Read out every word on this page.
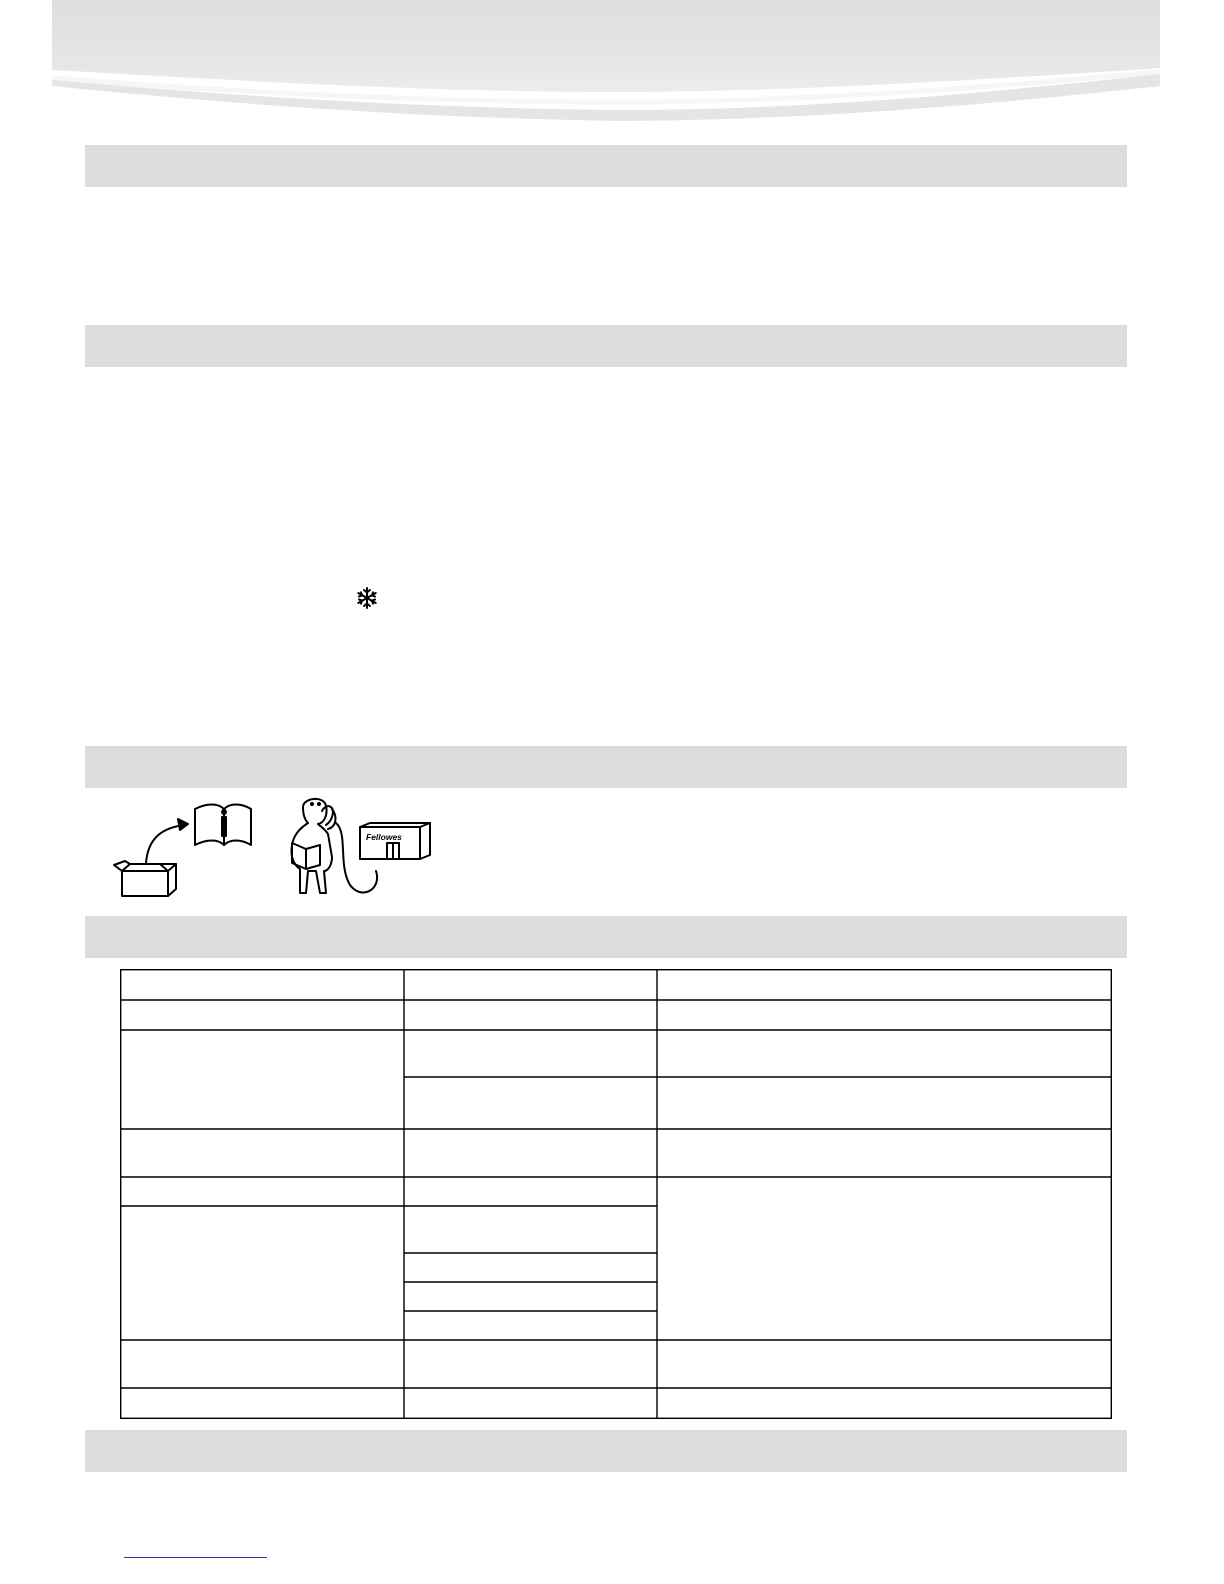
Fellowes
